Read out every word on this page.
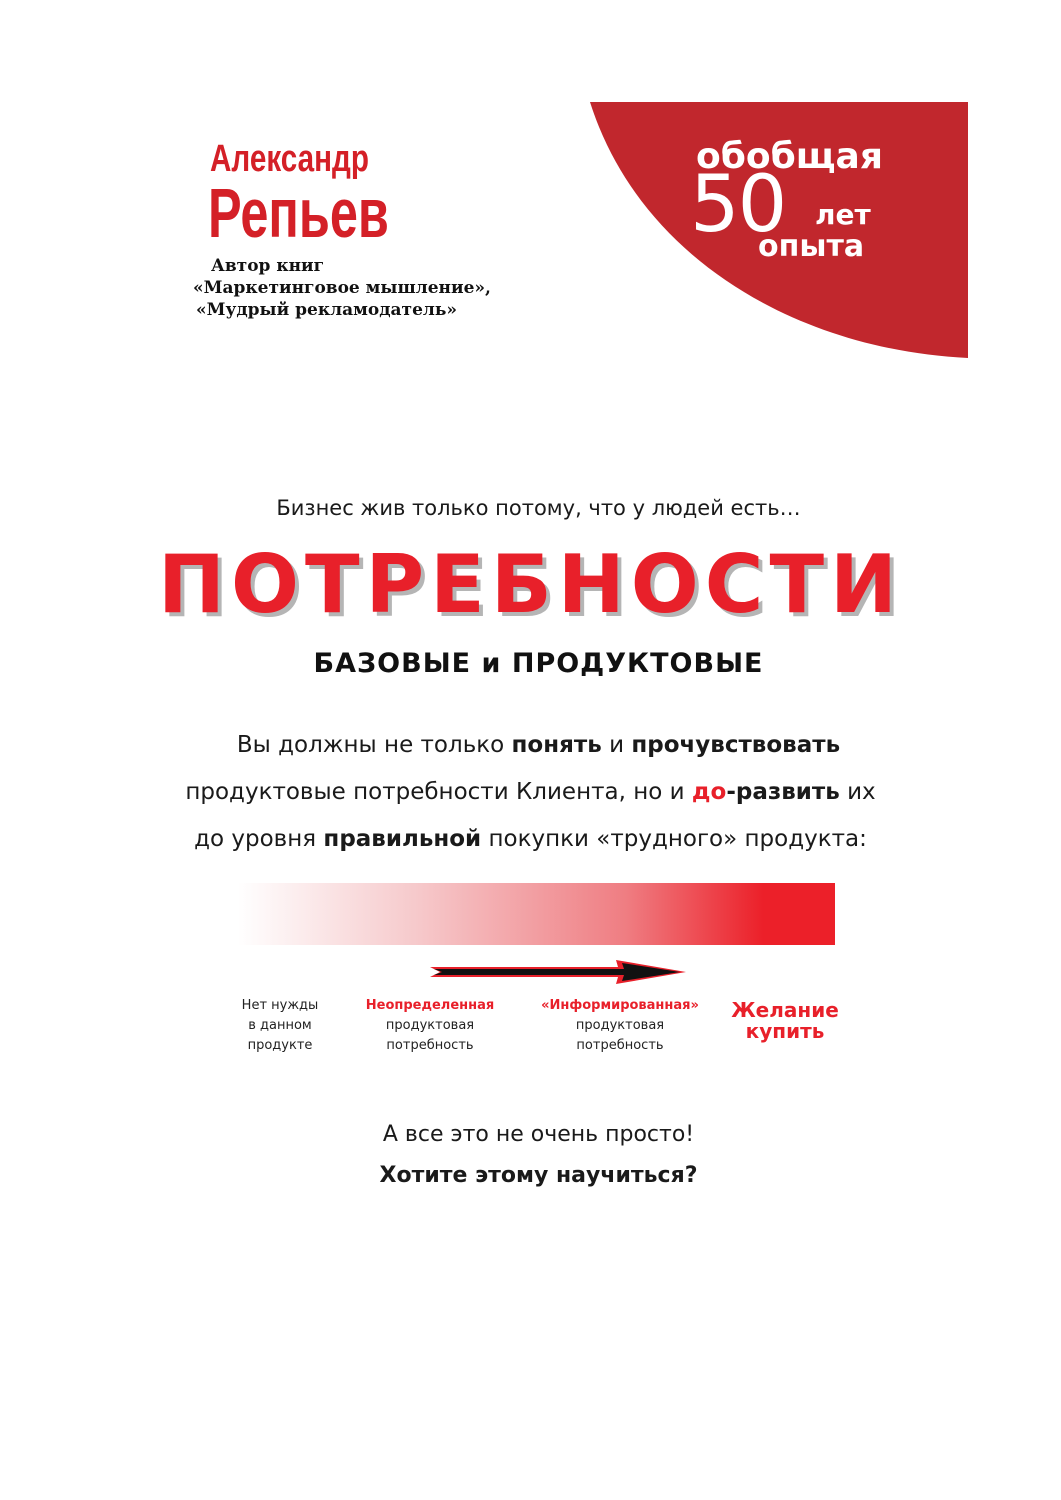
Александр
Репьев
Автор книг
«Маркетинговое мышление»,
«Мудрый рекламодатель»
обобщая
50 лет
опыта
Бизнес жив только потому, что у людей есть…
ПОТРЕБНОСТИ
БАЗОВЫЕ и ПРОДУКТОВЫЕ
Вы должны не только понять и прочувствовать
продуктовые потребности Клиента, но и до-развить их
до уровня правильной покупки «трудного» продукта:
Нет нужды
в данном
продукте
Неопределенная
продуктовая
потребность
«Информированная»
продуктовая
потребность
Желание
купить
А все это не очень просто!
Хотите этому научиться?
